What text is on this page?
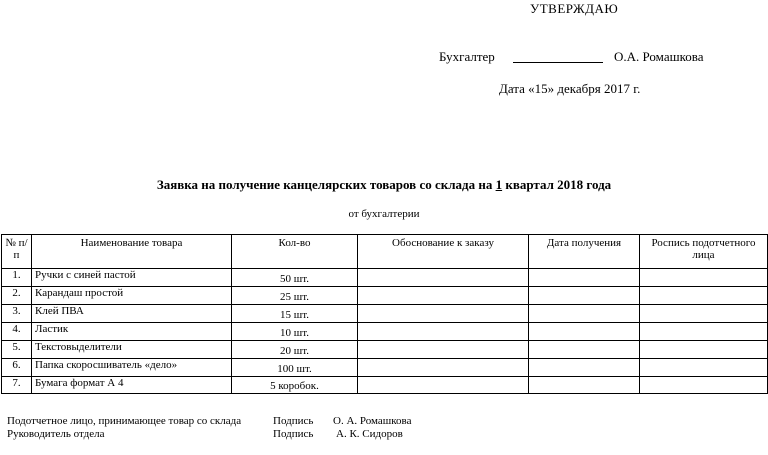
УТВЕРЖДАЮ
Бухгалтер	О.А. Ромашкова
Дата «15» декабря 2017 г.
Заявка на получение канцелярских товаров со склада на 1 квартал 2018 года
от бухгалтерии
№ п/п	Наименование товара	Кол-во	Обоснование к заказу	Дата получения	Роспись подотчетного лица
1.	Ручки с синей пастой	50 шт.			
2.	Карандаш простой	25 шт.			
3.	Клей ПВА	15 шт.			
4.	Ластик	10 шт.			
5.	Текстовыделители	20 шт.			
6.	Папка скоросшиватель «дело»	100 шт.			
7.	Бумага формат А 4	5 коробок.			
Подотчетное лицо, принимающее товар со склада	Подпись О. А. Ромашкова
Руководитель отдела	Подпись А. К. Сидоров
